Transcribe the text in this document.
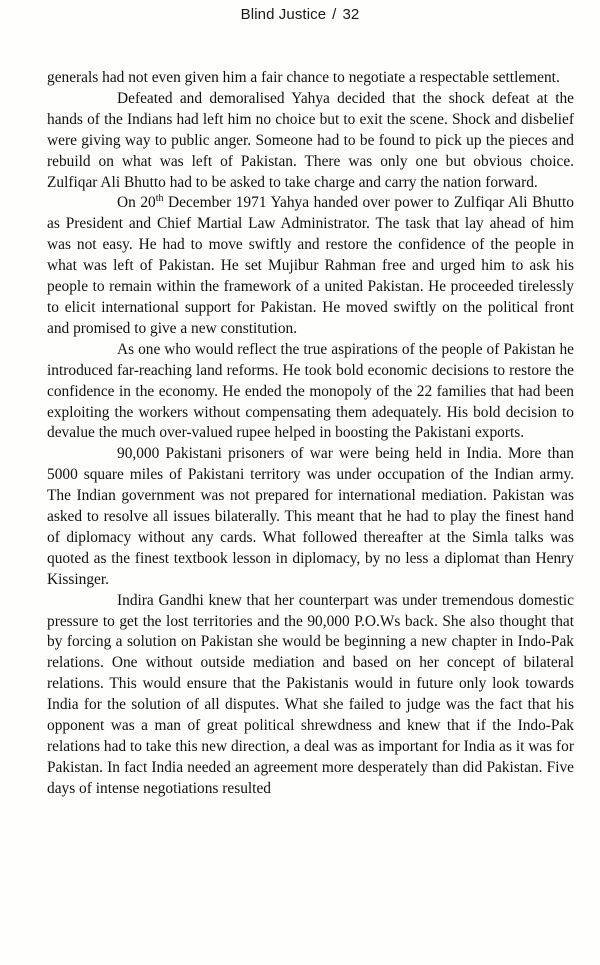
Blind Justice / 32

generals had not even given him a fair chance to negotiate a respectable settlement.

Defeated and demoralised Yahya decided that the shock defeat at the hands of the Indians had left him no choice but to exit the scene. Shock and disbelief were giving way to public anger. Someone had to be found to pick up the pieces and rebuild on what was left of Pakistan. There was only one but obvious choice. Zulfiqar Ali Bhutto had to be asked to take charge and carry the nation forward.

On 20th December 1971 Yahya handed over power to Zulfiqar Ali Bhutto as President and Chief Martial Law Administrator. The task that lay ahead of him was not easy. He had to move swiftly and restore the confidence of the people in what was left of Pakistan. He set Mujibur Rahman free and urged him to ask his people to remain within the framework of a united Pakistan. He proceeded tirelessly to elicit international support for Pakistan. He moved swiftly on the political front and promised to give a new constitution.

As one who would reflect the true aspirations of the people of Pakistan he introduced far-reaching land reforms. He took bold economic decisions to restore the confidence in the economy. He ended the monopoly of the 22 families that had been exploiting the workers without compensating them adequately. His bold decision to devalue the much over-valued rupee helped in boosting the Pakistani exports.

90,000 Pakistani prisoners of war were being held in India. More than 5000 square miles of Pakistani territory was under occupation of the Indian army. The Indian government was not prepared for international mediation. Pakistan was asked to resolve all issues bilaterally. This meant that he had to play the finest hand of diplomacy without any cards. What followed thereafter at the Simla talks was quoted as the finest textbook lesson in diplomacy, by no less a diplomat than Henry Kissinger.

Indira Gandhi knew that her counterpart was under tremendous domestic pressure to get the lost territories and the 90,000 P.O.Ws back. She also thought that by forcing a solution on Pakistan she would be beginning a new chapter in Indo-Pak relations. One without outside mediation and based on her concept of bilateral relations. This would ensure that the Pakistanis would in future only look towards India for the solution of all disputes. What she failed to judge was the fact that his opponent was a man of great political shrewdness and knew that if the Indo-Pak relations had to take this new direction, a deal was as important for India as it was for Pakistan. In fact India needed an agreement more desperately than did Pakistan. Five days of intense negotiations resulted
